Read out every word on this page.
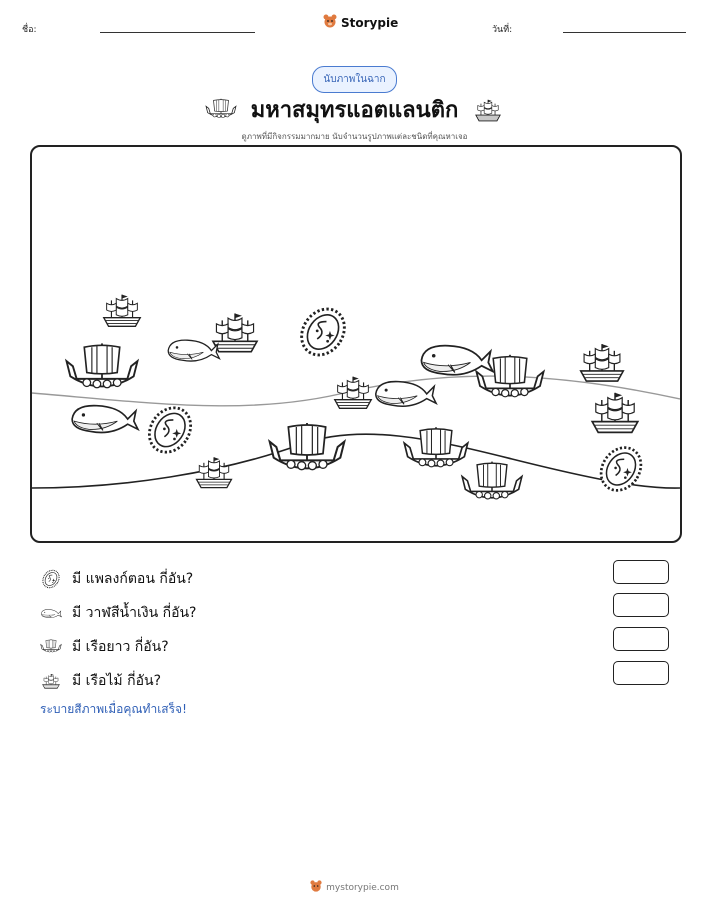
ชื่อ:
Storypie
วันที่:
นับภาพในฉาก
มหาสมุทรแอตแลนติก
ดูภาพที่มีกิจกรรมมากมาย นับจำนวนรูปภาพแต่ละชนิดที่คุณหาเจอ
มี แพลงก์ตอน กี่อัน?
มี วาฬสีน้ำเงิน กี่อัน?
มี เรือยาว กี่อัน?
มี เรือไม้ กี่อัน?
ระบายสีภาพเมื่อคุณทำเสร็จ!
mystorypie.com
